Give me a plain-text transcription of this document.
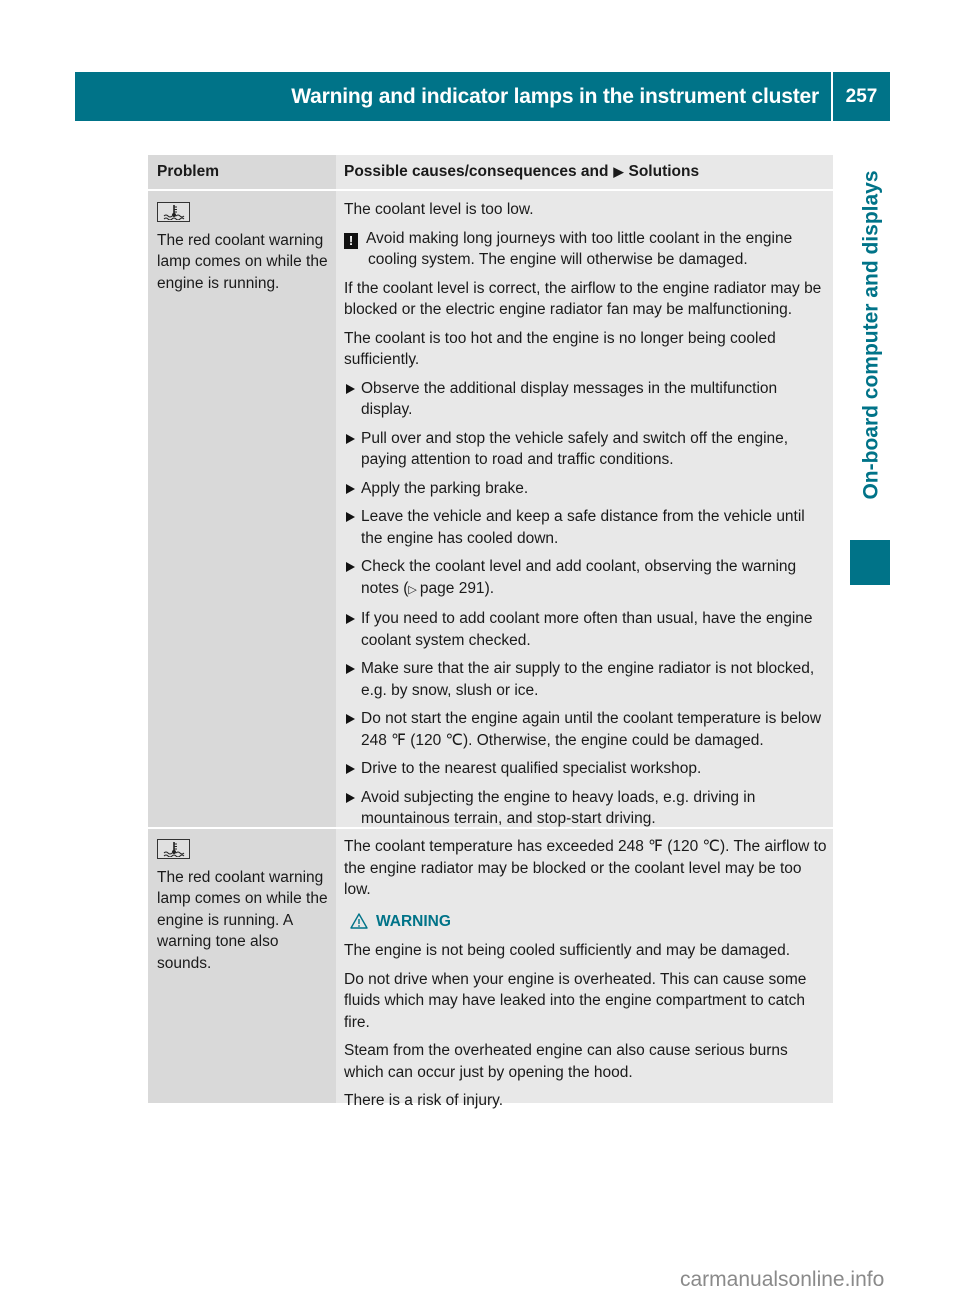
Warning and indicator lamps in the instrument cluster 257
On-board computer and displays
Problem	Possible causes/consequences and ▶ Solutions
The red coolant warning lamp comes on while the engine is running.

The coolant level is too low.

! Avoid making long journeys with too little coolant in the engine cooling system. The engine will otherwise be damaged.

If the coolant level is correct, the airflow to the engine radiator may be blocked or the electric engine radiator fan may be malfunctioning.

The coolant is too hot and the engine is no longer being cooled sufficiently.

Observe the additional display messages in the multifunction display.
Pull over and stop the vehicle safely and switch off the engine, paying attention to road and traffic conditions.
Apply the parking brake.
Leave the vehicle and keep a safe distance from the vehicle until the engine has cooled down.
Check the coolant level and add coolant, observing the warning notes (▷ page 291).
If you need to add coolant more often than usual, have the engine coolant system checked.
Make sure that the air supply to the engine radiator is not blocked, e.g. by snow, slush or ice.
Do not start the engine again until the coolant temperature is below 248 ℉ (120 ℃). Otherwise, the engine could be damaged.
Drive to the nearest qualified specialist workshop.
Avoid subjecting the engine to heavy loads, e.g. driving in mountainous terrain, and stop-start driving.
The red coolant warning lamp comes on while the engine is running. A warning tone also sounds.

The coolant temperature has exceeded 248 ℉ (120 ℃). The airflow to the engine radiator may be blocked or the coolant level may be too low.

WARNING

The engine is not being cooled sufficiently and may be damaged.

Do not drive when your engine is overheated. This can cause some fluids which may have leaked into the engine compartment to catch fire.

Steam from the overheated engine can also cause serious burns which can occur just by opening the hood.

There is a risk of injury.

carmanualsonline.info
